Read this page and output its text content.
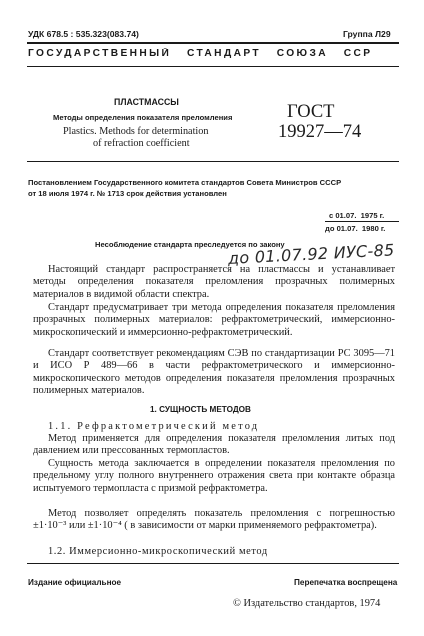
УДК 678.5 : 535.323(083.74)	Группа Л29
ГОСУДАРСТВЕННЫЙ   СТАНДАРТ   СОЮЗА   ССР
ПЛАСТМАССЫ
Методы определения показателя преломления
Plastics. Methods for determination
of refraction coefficient
ГОСТ
19927—74
Постановлением Государственного комитета стандартов Совета Министров СССР
от 18 июля 1974 г. № 1713 срок действия установлен
с 01.07.  1975 г.
до 01.07.  1980 г.
Несоблюдение стандарта преследуется по закону
до 01.07.92 ИУС-85
Настоящий стандарт распространяется на пластмассы и устанавливает методы определения показателя преломления прозрачных полимерных материалов в видимой области спектра.
Стандарт предусматривает три метода определения показателя преломления прозрачных полимерных материалов: рефрактометрический, иммерсионно-микроскопический и иммерсионно-рефрактометрический.
Стандарт соответствует рекомендациям СЭВ по стандартизации РС 3095—71 и ИСО Р 489—66 в части рефрактометрического и иммерсионно-микроскопического методов определения показателя преломления прозрачных полимерных материалов.
1. СУЩНОСТЬ МЕТОДОВ
1.1. Рефрактометрический метод
Метод применяется для определения показателя преломления литых под давлением или прессованных термопластов.
Сущность метода заключается в определении показателя преломления по предельному углу полного внутреннего отражения света при контакте образца испытуемого термопласта с призмой рефрактометра.
Метод позволяет определять показатель преломления с погрешностью ±1·10⁻³ или ±1·10⁻⁴ ( в зависимости от марки применяемого рефрактометра).
1.2. Иммерсионно-микроскопический метод
Издание официальное	Перепечатка воспрещена
© Издательство стандартов, 1974
